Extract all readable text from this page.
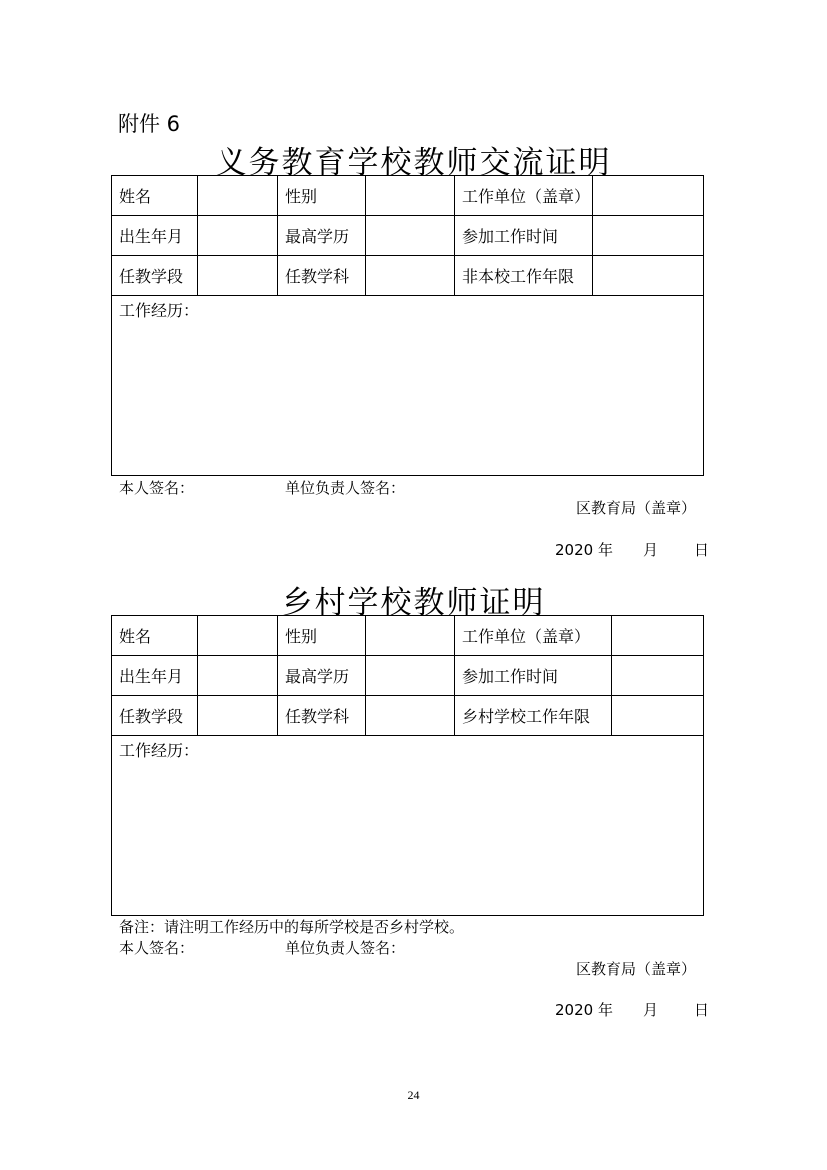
附件 6
义务教育学校教师交流证明
姓名		性别		工作单位（盖章）	
出生年月		最高学历		参加工作时间	
任教学段		任教学科		非本校工作年限	
工作经历：					
本人签名：	单位负责人签名：
区教育局（盖章）
2020 年 月 日
乡村学校教师证明
姓名		性别		工作单位（盖章）	
出生年月		最高学历		参加工作时间	
任教学段		任教学科		乡村学校工作年限	
工作经历：					
备注：请注明工作经历中的每所学校是否乡村学校。
本人签名：	单位负责人签名：
区教育局（盖章）
2020 年 月 日
24
